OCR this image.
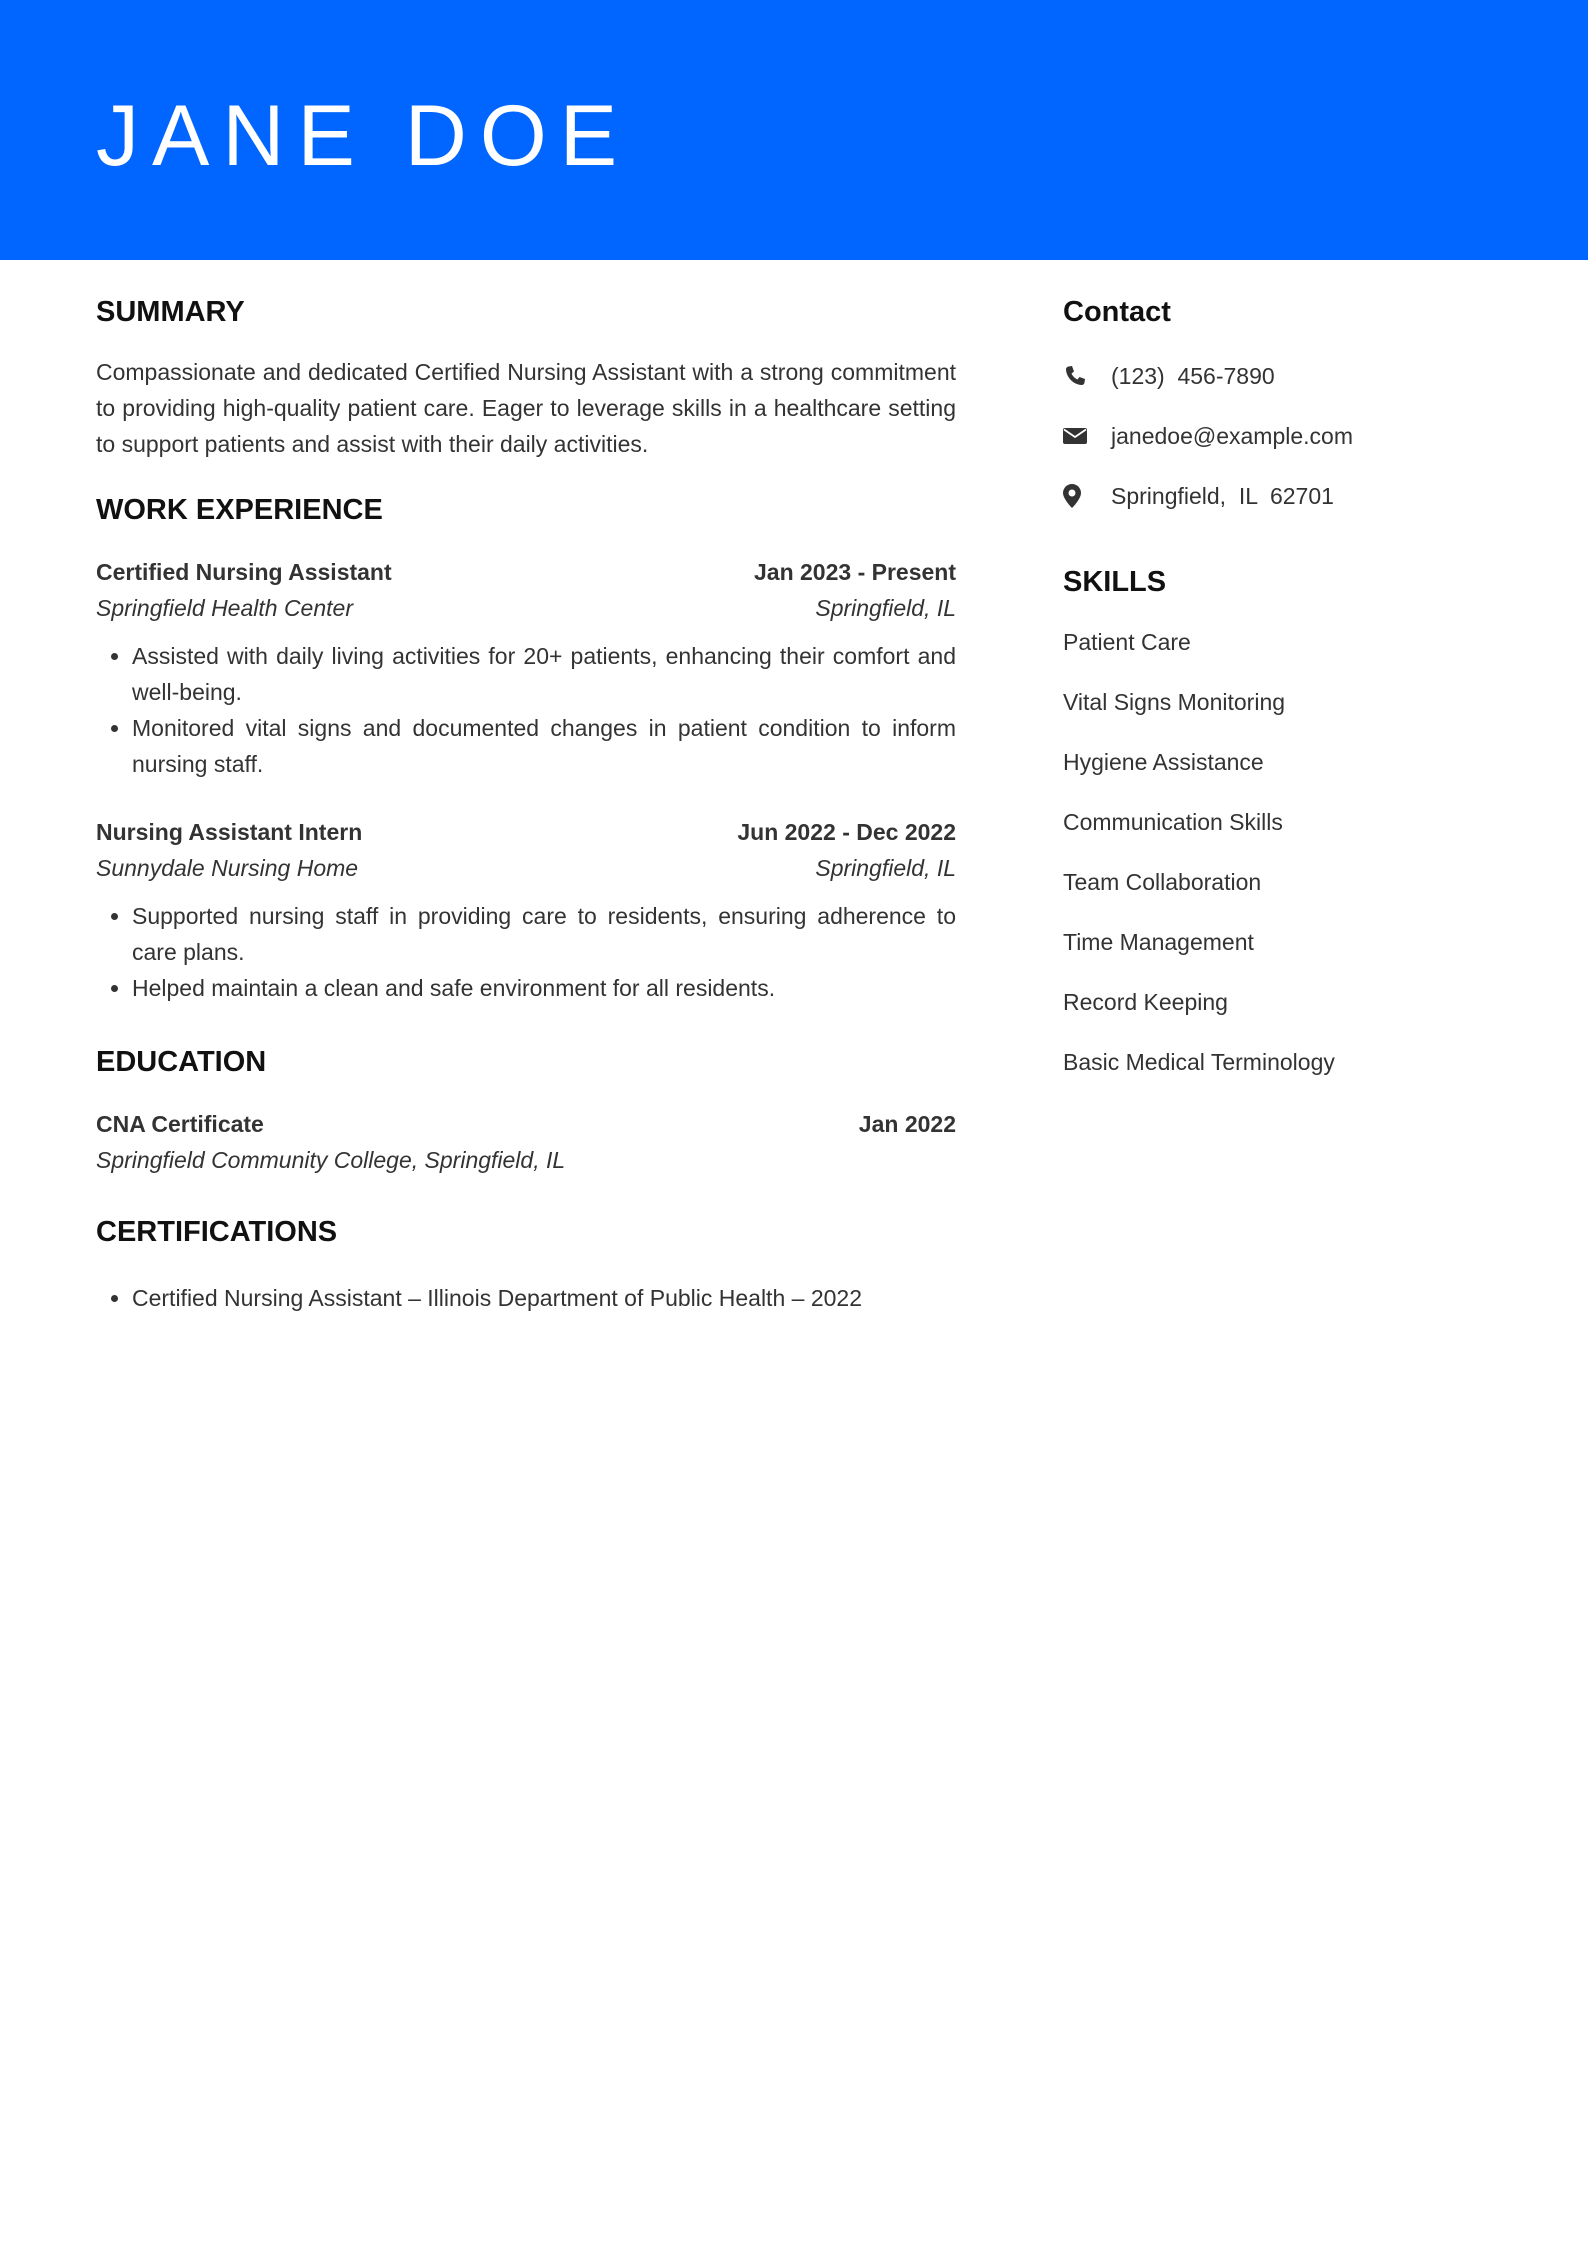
JANE DOE
SUMMARY

Compassionate and dedicated Certified Nursing Assistant with a strong commitment to providing high-quality patient care. Eager to leverage skills in a healthcare setting to support patients and assist with their daily activities.

WORK EXPERIENCE
Certified Nursing Assistant	Jan 2023 - Present
Springfield Health Center	Springfield, IL
• Assisted with daily living activities for 20+ patients, enhancing their comfort and well-being.
• Monitored vital signs and documented changes in patient condition to inform nursing staff.
Nursing Assistant Intern	Jun 2022 - Dec 2022
Sunnydale Nursing Home	Springfield, IL
• Supported nursing staff in providing care to residents, ensuring adherence to care plans.
• Helped maintain a clean and safe environment for all residents.
EDUCATION
CNA Certificate	Jan 2022
Springfield Community College, Springfield, IL
CERTIFICATIONS
• Certified Nursing Assistant – Illinois Department of Public Health – 2022
Contact
(123)  456-7890
janedoe@example.com
Springfield,  IL  62701
SKILLS
Patient Care
Vital Signs Monitoring
Hygiene Assistance
Communication Skills
Team Collaboration
Time Management
Record Keeping
Basic Medical Terminology
